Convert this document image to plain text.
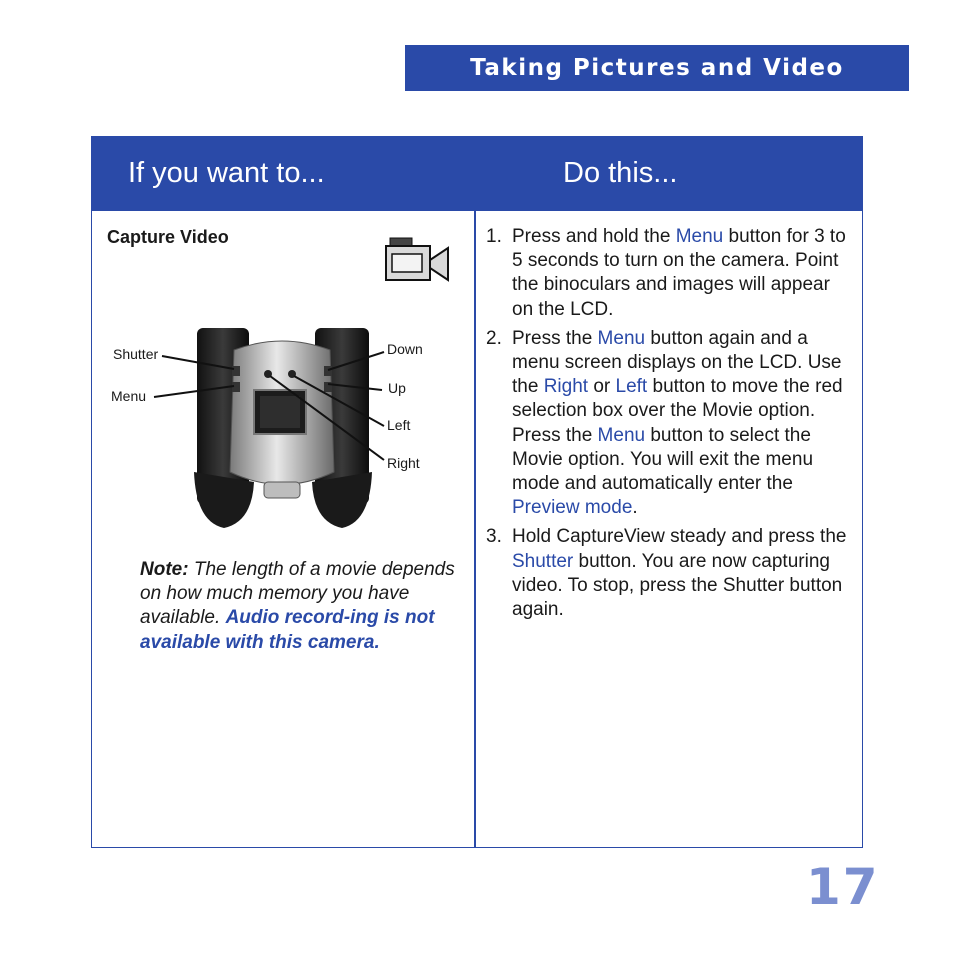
Taking Pictures and Video
If you want to...	Do this...
Capture Video
Shutter
Menu
Down
Up
Left
Right
Note: The length of a movie depends on how much memory you have available. Audio record-ing is not available with this camera.
1. Press and hold the Menu button for 3 to 5 seconds to turn on the camera. Point the binoculars and images will appear on the LCD.
2. Press the Menu button again and a menu screen displays on the LCD. Use the Right or Left button to move the red selection box over the Movie option. Press the Menu button to select the Movie option. You will exit the menu mode and automatically enter the Preview mode.
3. Hold CaptureView steady and press the Shutter button. You are now capturing video. To stop, press the Shutter button again.
17
